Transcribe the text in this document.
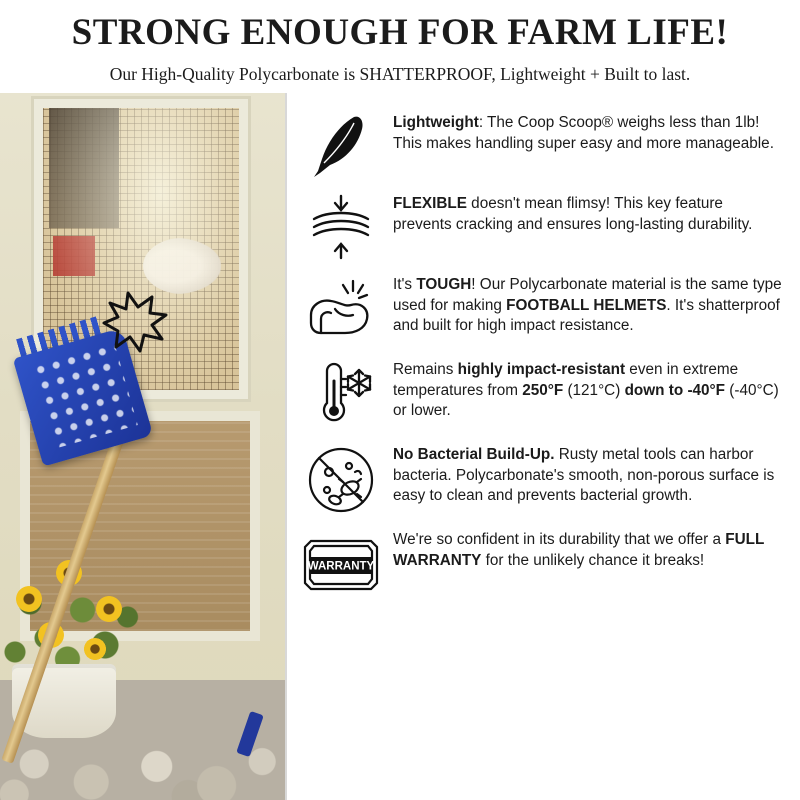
STRONG ENOUGH FOR FARM LIFE!
Our High-Quality Polycarbonate is SHATTERPROOF, Lightweight + Built to last.
Lightweight: The Coop Scoop® weighs less than 1lb! This makes handling super easy and more manageable.
FLEXIBLE doesn't mean flimsy! This key feature prevents cracking and ensures long-lasting durability.
It's TOUGH! Our Polycarbonate material is the same type used for making FOOTBALL HELMETS. It's shatterproof and built for high impact resistance.
Remains highly impact-resistant even in extreme temperatures from 250°F (121°C) down to -40°F (-40°C) or lower.
No Bacterial Build-Up. Rusty metal tools can harbor bacteria. Polycarbonate's smooth, non-porous surface is easy to clean and prevents bacterial growth.
WARRANTY
We're so confident in its durability that we offer a FULL WARRANTY for the unlikely chance it breaks!
